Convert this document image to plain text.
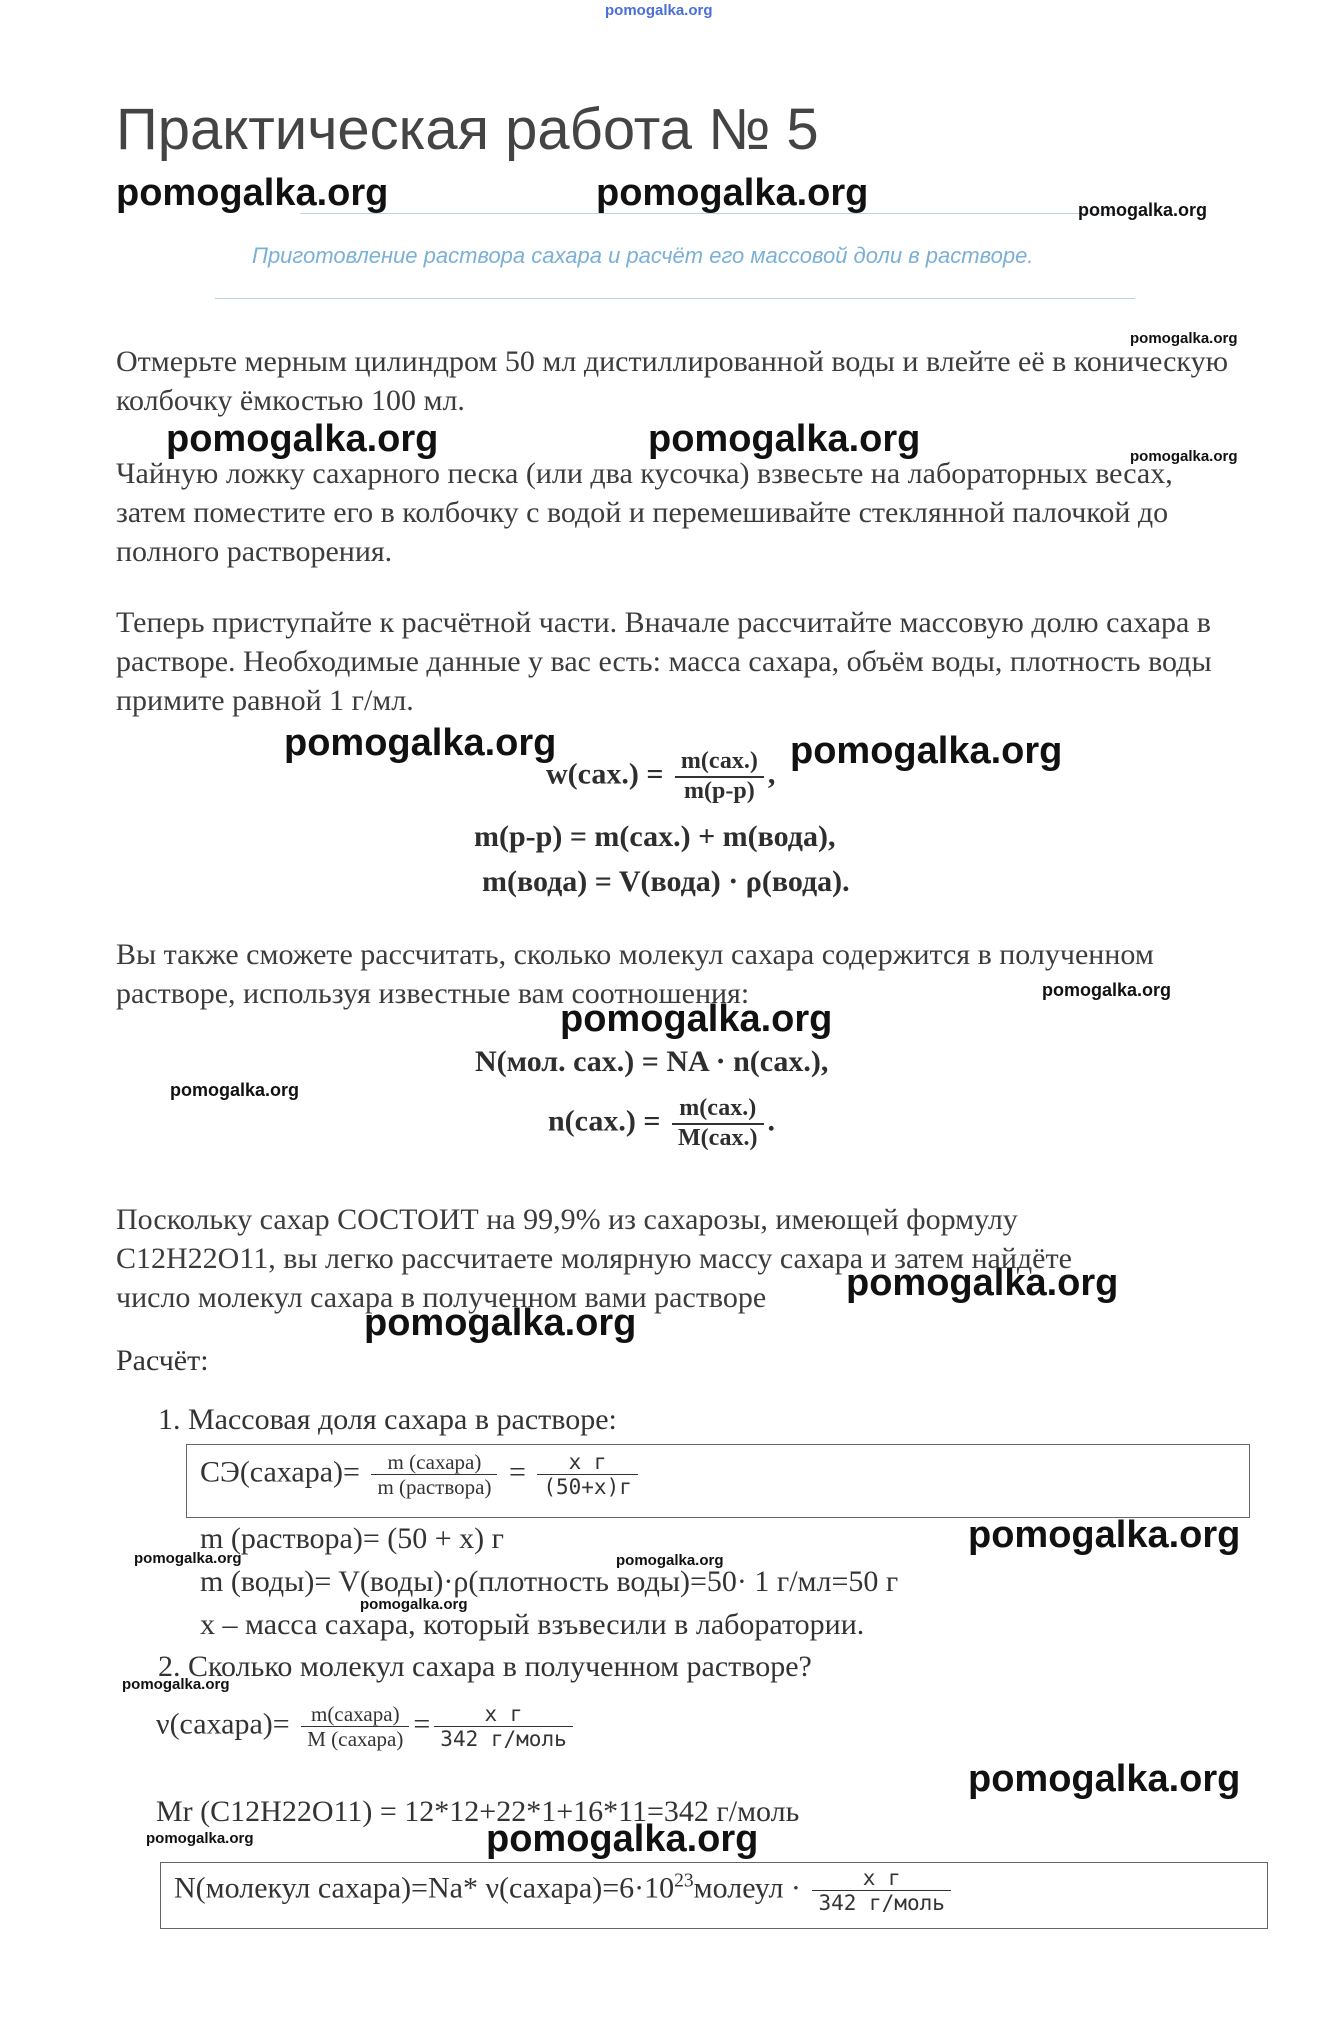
pomogalka.org
Практическая работа № 5
Приготовление раствора сахара и расчёт его массовой доли в растворе.
Отмерьте мерным цилиндром 50 мл дистиллированной воды и влейте её в коническую колбочку ёмкостью 100 мл.
Чайную ложку сахарного песка (или два кусочка) взвесьте на лабораторных весах, затем поместите его в колбочку с водой и перемешивайте стеклянной палочкой до полного растворения.
Теперь приступайте к расчётной части. Вначале рассчитайте массовую долю сахара в растворе. Необходимые данные у вас есть: масса сахара, объём воды, плотность воды примите равной 1 г/мл.
$w(сах.) = \frac{\text{m(сах.)}}{m(р-р)}$ ,
m(р-р) = m(сах.) + m(вода),
m(вода) = V(вода) · ρ(вода).
Вы также сможете рассчитать, сколько молекул сахара содержится в полученном растворе, используя известные вам соотношения:
N(мол. сах.) = NA · n(сах.),
$n(сах.) = \frac{\text{m(сах.)}}{\text{M(сах.)}}$ .
Поскольку сахар СОСТОИТ на 99,9% из сахарозы, имеющей формулу
C12H22O11, вы легко рассчитаете молярную массу сахара и затем найдёте
число молекул сахара в полученном вами растворе
Расчёт:
1. Массовая доля сахара в растворе:
СЭ(сахара)= $\frac{\text{m (сахара)}}{\text{m (раствора)}} = \frac{\text{x г}}{(50+x)г}$
m (раствора)= (50 + x) г
m (воды)= V(воды)·ρ(плотность воды)=50· 1 г/мл=50 г
x – масса сахара, который взъвесили в лаборатории.
2. Сколько молекул сахара в полученном растворе?
ν(сахара)= $\frac{\text{m(сахара)}}{\text{M (сахара)}} = \frac{\text{x г}}{\text{342 г/моль}}$
Mr (C12H22O11) = 12*12+22*1+16*11=342 г/моль
N(молекул сахара)=Na* $\nu(сахара)=6\cdot 10^{23}молеул \cdot \frac{\text{x г}}{\text{342 г/моль}}$
pomogalka.org	pomogalka.org	pomogalka.org
pomogalka.org
pomogalka.org	pomogalka.org	pomogalka.org
pomogalka.org	pomogalka.org
pomogalka.org
pomogalka.org
pomogalka.org
pomogalka.org
pomogalka.org
pomogalka.org
pomogalka.org	pomogalka.org
pomogalka.org
pomogalka.org
pomogalka.org
pomogalka.org	pomogalka.org
